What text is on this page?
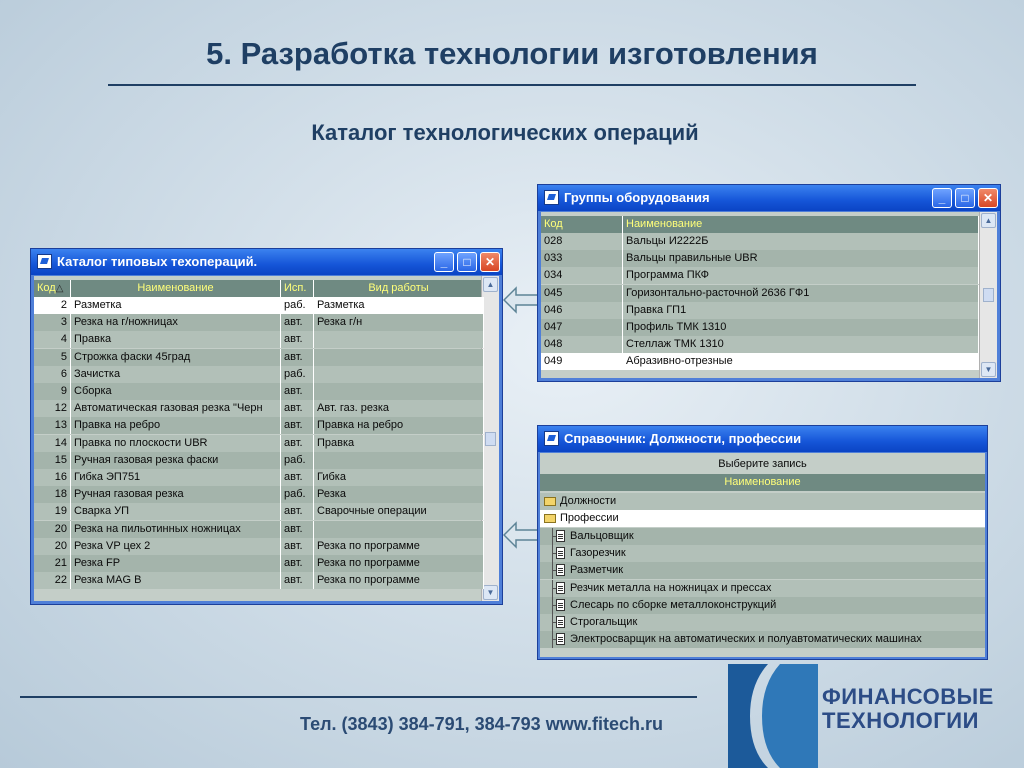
5. Разработка технологии изготовления
Каталог технологических операций
Каталог типовых техопераций.	_	□	✕
Код△	Наименование	Исп.	Вид работы	▲
▼
2 Разметка	раб.	Разметка
3 Резка на г/ножницах	авт.	Резка г/н
4 Правка	авт.
5 Строжка фаски 45град	авт.
6 Зачистка	раб.
9 Сборка	авт.
12 Автоматическая газовая резка "Черн	авт.	Авт. газ. резка
13 Правка на ребро	авт.	Правка на ребро
14 Правка по плоскости UBR	авт.	Правка
15 Ручная газовая резка фаски	раб.
16 Гибка ЭП751	авт.	Гибка
18 Ручная газовая резка	раб.	Резка
19 Сварка УП	авт.	Сварочные операции
20 Резка на пильотинных ножницах	авт.
20 Резка VP цех 2	авт.	Резка по программе
21 Резка FP	авт.	Резка по программе
22 Резка MAG B	авт.	Резка по программе
Группы оборудования	_	□	✕
Код	Наименование	▲
▼
028	Вальцы И2222Б
033	Вальцы правильные UBR
034	Программа ПКФ
045	Горизонтально-расточной 2636 ГФ1
046	Правка ГП1
047	Профиль ТМК 1310
048	Стеллаж ТМК 1310
049	Абразивно-отрезные
Справочник: Должности, профессии
Выберите запись
Наименование
Должности
Профессии
Вальцовщик
Газорезчик
Разметчик
Резчик металла на ножницах и прессах
Слесарь по сборке металлоконструкций
Строгальщик
Электросварщик на автоматических и полуавтоматических машинах
Тел. (3843) 384-791, 384-793 www.fitech.ru
ФИНАНСОВЫЕ
ТЕХНОЛОГИИ
